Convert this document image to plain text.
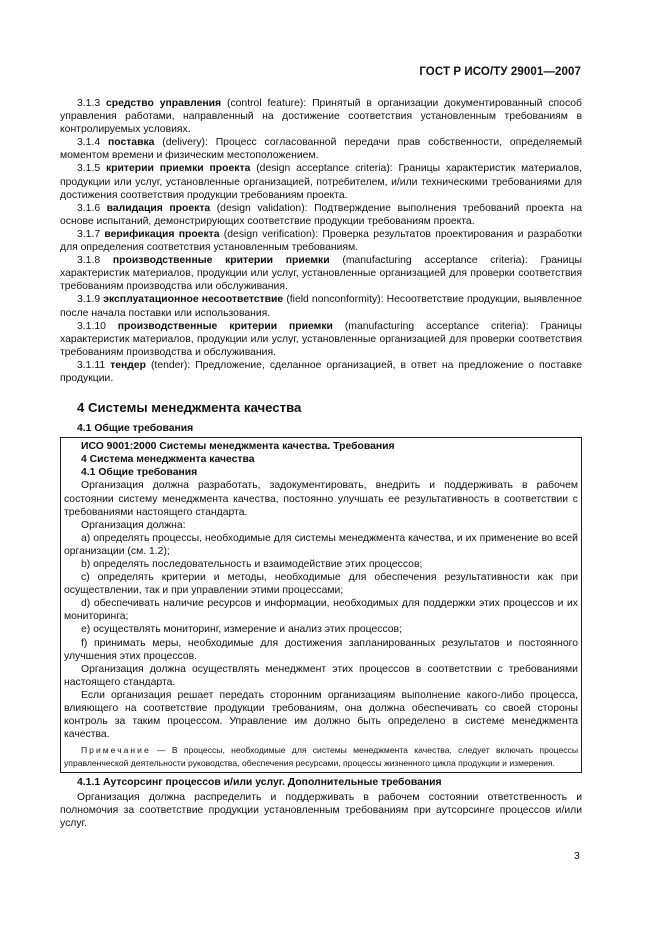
ГОСТ Р ИСО/ТУ 29001—2007

3.1.3 средство управления (control feature): Принятый в организации документированный способ управления работами, направленный на достижение соответствия установленным требованиям в контролируемых условиях.

3.1.4 поставка (delivery): Процесс согласованной передачи прав собственности, определяемый моментом времени и физическим местоположением.

3.1.5 критерии приемки проекта (design acceptance criteria): Границы характеристик материалов, продукции или услуг, установленные организацией, потребителем, и/или техническими требованиями для достижения соответствия продукции требованиям проекта.

3.1.6 валидация проекта (design validation): Подтверждение выполнения требований проекта на основе испытаний, демонстрирующих соответствие продукции требованиям проекта.

3.1.7 верификация проекта (design verification): Проверка результатов проектирования и разработки для определения соответствия установленным требованиям.

3.1.8 производственные критерии приемки (manufacturing acceptance criteria): Границы характеристик материалов, продукции или услуг, установленные организацией для проверки соответствия требованиям производства или обслуживания.

3.1.9 эксплуатационное несоответствие (field nonconformity): Несоответствие продукции, выявленное после начала поставки или использования.

3.1.10 производственные критерии приемки (manufacturing acceptance criteria): Границы характеристик материалов, продукции или услуг, установленные организацией для проверки соответствия требованиям производства и обслуживания.

3.1.11 тендер (tender): Предложение, сделанное организацией, в ответ на предложение о поставке продукции.

4 Системы менеджмента качества
4.1 Общие требования

ИСО 9001:2000 Системы менеджмента качества. Требования

4 Система менеджмента качества

4.1 Общие требования

Организация должна разработать, задокументировать, внедрить и поддерживать в рабочем состоянии систему менеджмента качества, постоянно улучшать ее результативность в соответствии с требованиями настоящего стандарта.

Организация должна:

a) определять процессы, необходимые для системы менеджмента качества, и их применение во всей организации (см. 1.2);

b) определять последовательность и взаимодействие этих процессов;

c) определять критерии и методы, необходимые для обеспечения результативности как при осуществлении, так и при управлении этими процессами;

d) обеспечивать наличие ресурсов и информации, необходимых для поддержки этих процессов и их мониторинга;

e) осуществлять мониторинг, измерение и анализ этих процессов;

f) принимать меры, необходимые для достижения запланированных результатов и постоянного улучшения этих процессов.

Организация должна осуществлять менеджмент этих процессов в соответствии с требованиями настоящего стандарта.

Если организация решает передать сторонним организациям выполнение какого-либо процесса, влияющего на соответствие продукции требованиям, она должна обеспечивать со своей стороны контроль за таким процессом. Управление им должно быть определено в системе менеджмента качества.

Примечание — В процессы, необходимые для системы менеджмента качества, следует включать процессы управленческой деятельности руководства, обеспечения ресурсами, процессы жизненного цикла продукции и измерения.

4.1.1 Аутсорсинг процессов и/или услуг. Дополнительные требования

Организация должна распределить и поддерживать в рабочем состоянии ответственность и полномочия за соответствие продукции установленным требованиям при аутсорсинге процессов и/или услуг.

3
